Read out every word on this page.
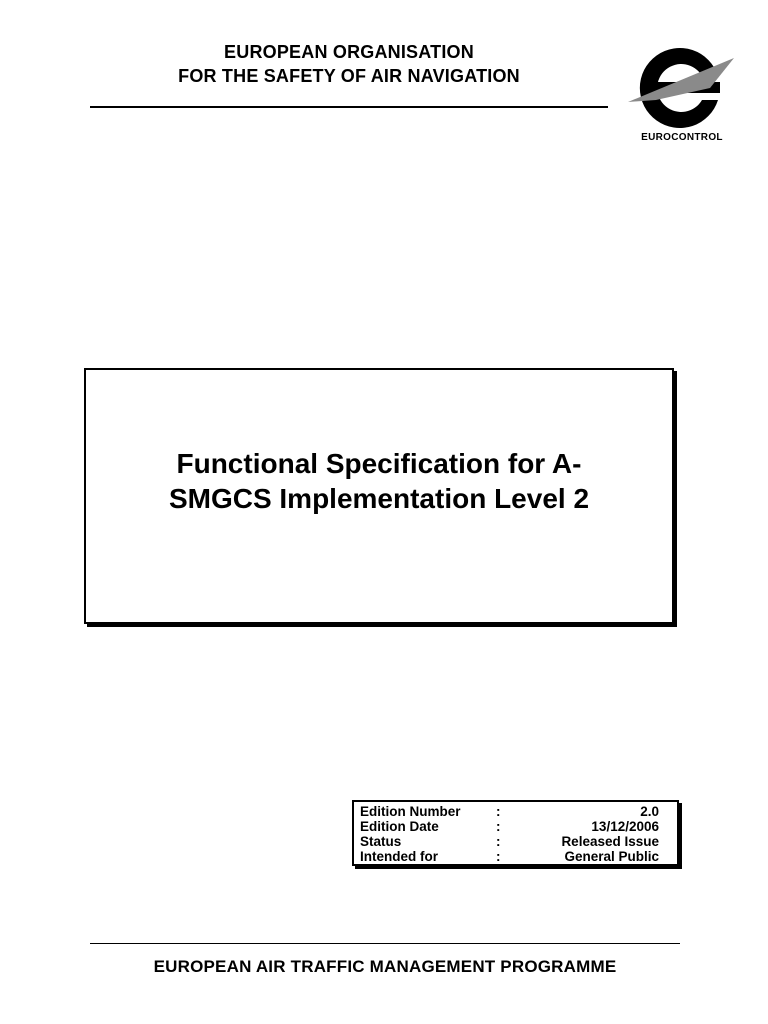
EUROPEAN ORGANISATION
FOR THE SAFETY OF AIR NAVIGATION
EUROCONTROL
Functional Specification for A-
SMGCS Implementation Level 2
Edition Number	:	2.0
Edition Date	:	13/12/2006
Status	:	Released Issue
Intended for	:	General Public
EUROPEAN AIR TRAFFIC MANAGEMENT PROGRAMME
